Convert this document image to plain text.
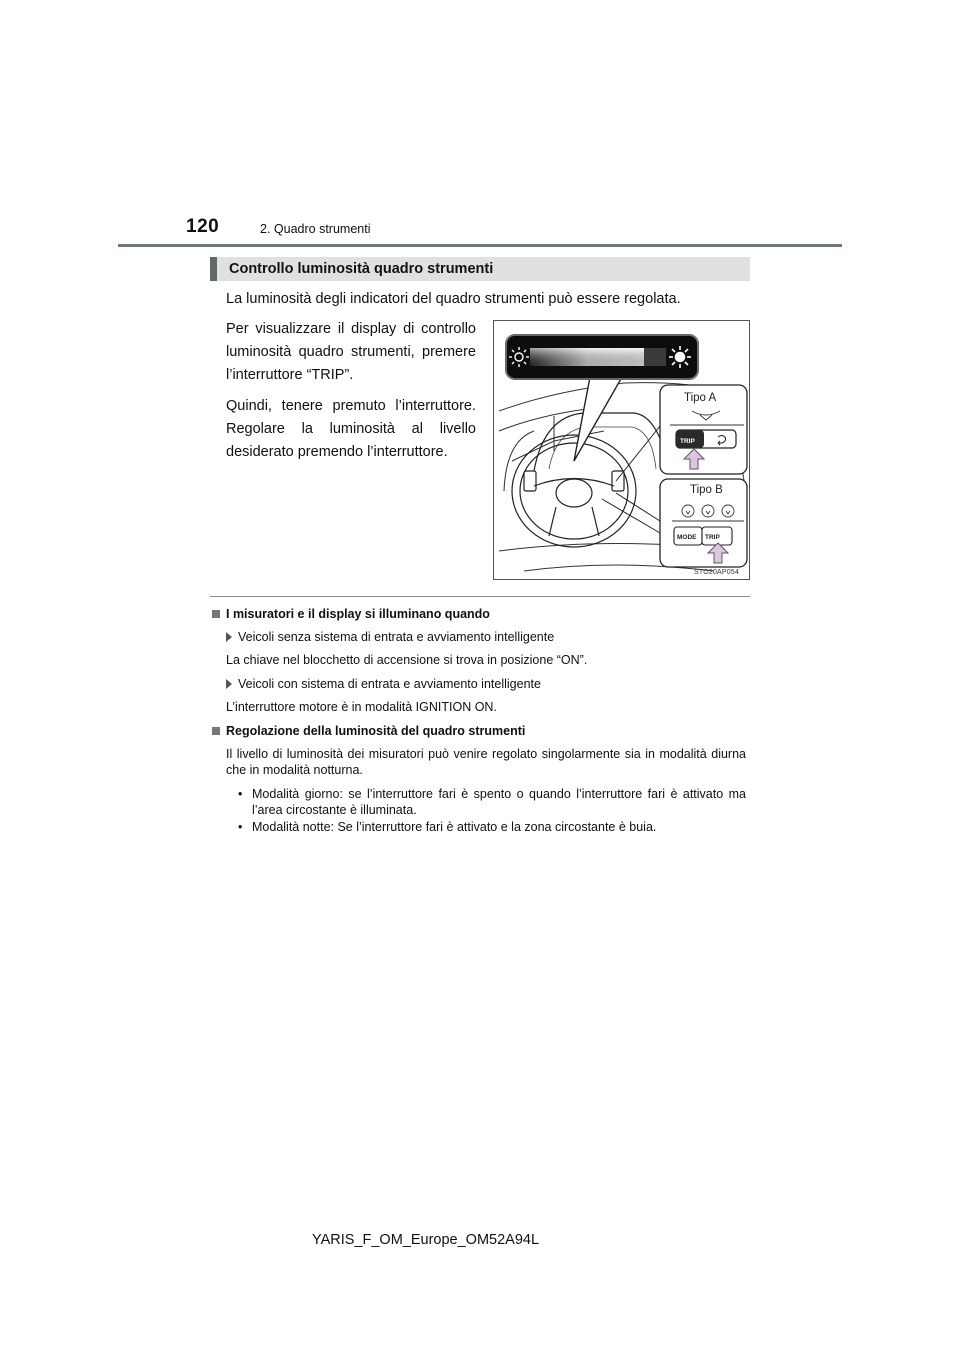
120	2. Quadro strumenti
Controllo luminosità quadro strumenti
La luminosità degli indicatori del quadro strumenti può essere regolata.

Per visualizzare il display di controllo luminosità quadro strumenti, premere l’interruttore “TRIP”.

Quindi, tenere premuto l’interruttore. Regolare la luminosità al livello desiderato premendo l’interruttore.

TRIP
MODE TRIP
Tipo A
Tipo B
STO20AP054
I misuratori e il display si illuminano quando
Veicoli senza sistema di entrata e avviamento intelligente
La chiave nel blocchetto di accensione si trova in posizione “ON”.
Veicoli con sistema di entrata e avviamento intelligente
L’interruttore motore è in modalità IGNITION ON.
Regolazione della luminosità del quadro strumenti
Il livello di luminosità dei misuratori può venire regolato singolarmente sia in modalità diurna che in modalità notturna.
• Modalità giorno: se l’interruttore fari è spento o quando l’interruttore fari è attivato ma l’area circostante è illuminata.
• Modalità notte: Se l’interruttore fari è attivato e la zona circostante è buia.
YARIS_F_OM_Europe_OM52A94L
